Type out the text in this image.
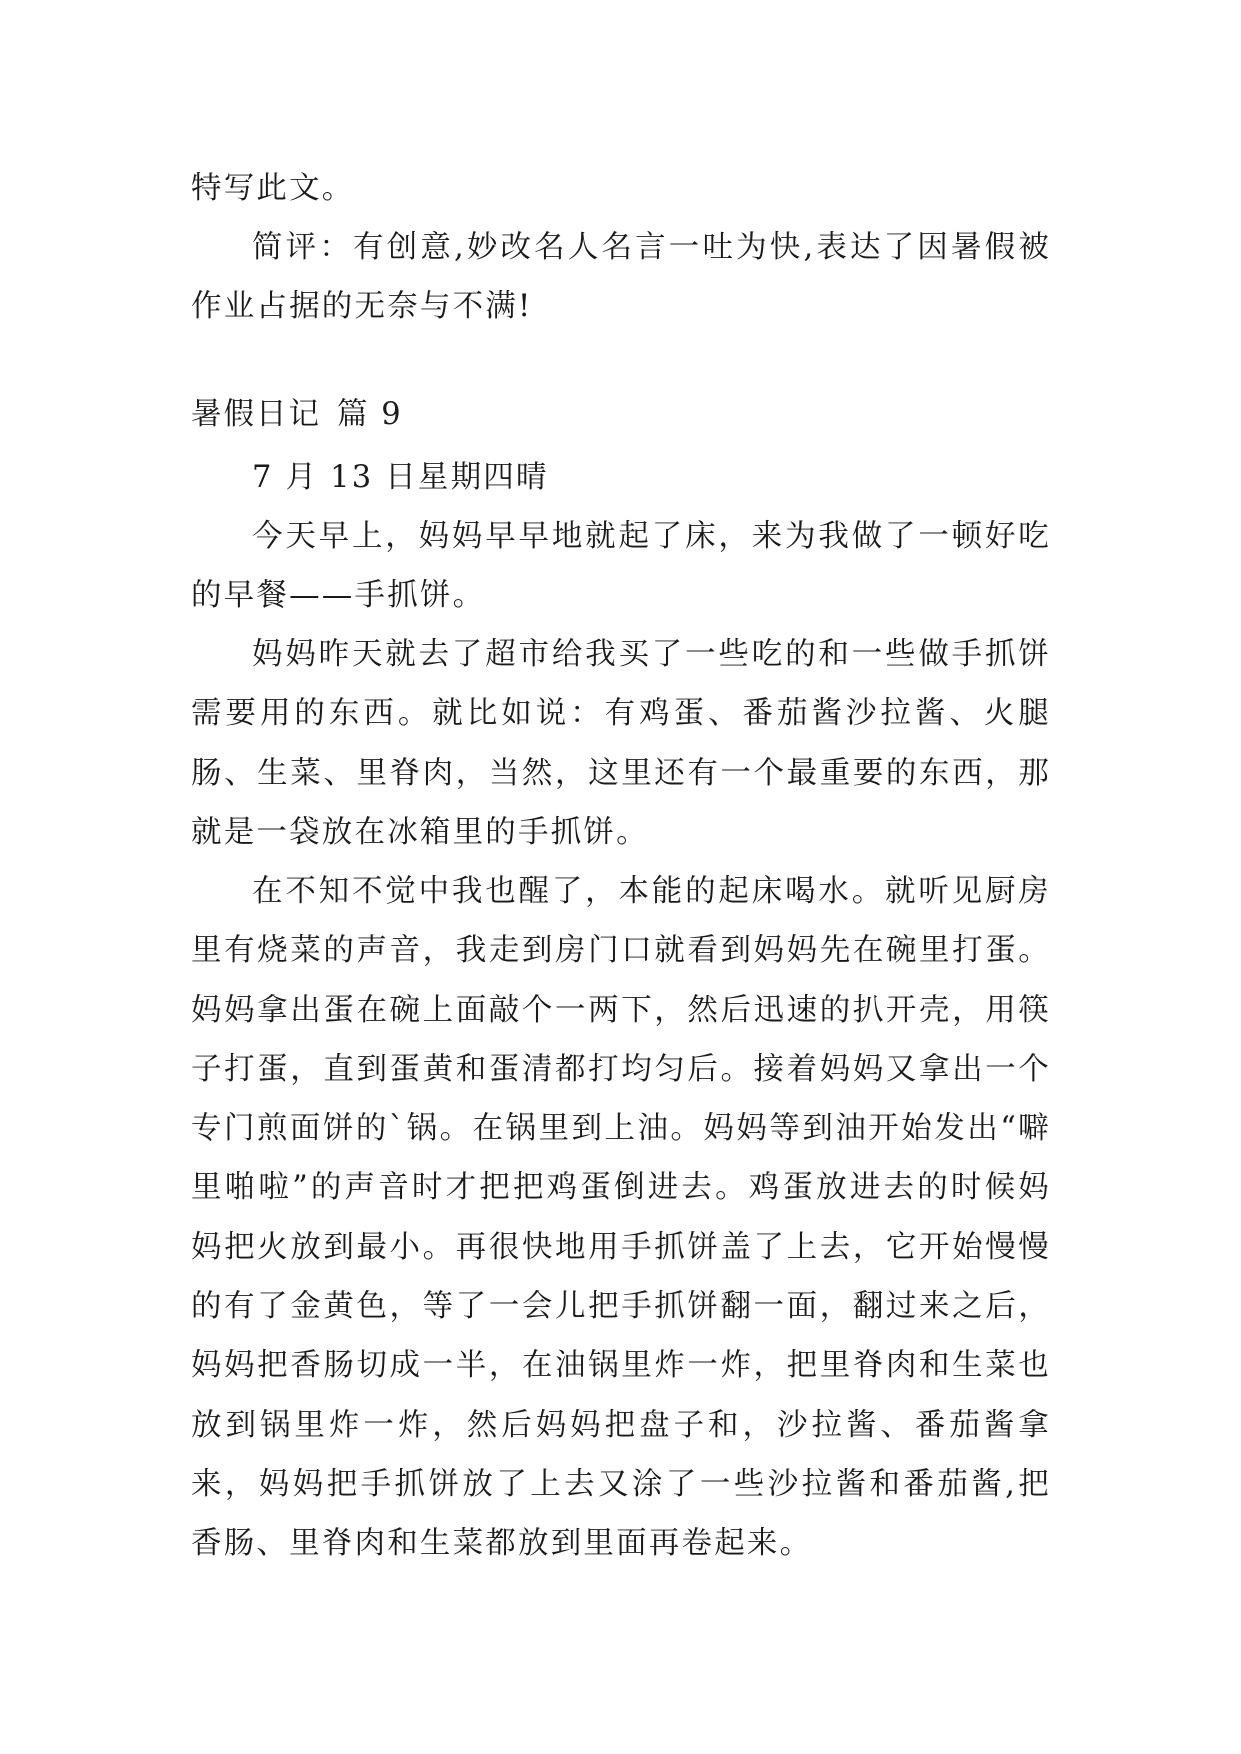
特写此文。

简评：有创意,妙改名人名言一吐为快,表达了因暑假被作业占据的无奈与不满!

暑假日记 篇 9

7 月 13 日星期四晴

今天早上，妈妈早早地就起了床，来为我做了一顿好吃的早餐——手抓饼。

妈妈昨天就去了超市给我买了一些吃的和一些做手抓饼需要用的东西。就比如说：有鸡蛋、番茄酱沙拉酱、火腿肠、生菜、里脊肉，当然，这里还有一个最重要的东西，那就是一袋放在冰箱里的手抓饼。

在不知不觉中我也醒了，本能的起床喝水。就听见厨房里有烧菜的声音，我走到房门口就看到妈妈先在碗里打蛋。妈妈拿出蛋在碗上面敲个一两下，然后迅速的扒开壳，用筷子打蛋，直到蛋黄和蛋清都打均匀后。接着妈妈又拿出一个专门煎面饼的`锅。在锅里到上油。妈妈等到油开始发出“噼里啪啦”的声音时才把把鸡蛋倒进去。鸡蛋放进去的时候妈妈把火放到最小。再很快地用手抓饼盖了上去，它开始慢慢的有了金黄色，等了一会儿把手抓饼翻一面，翻过来之后，妈妈把香肠切成一半，在油锅里炸一炸，把里脊肉和生菜也放到锅里炸一炸，然后妈妈把盘子和，沙拉酱、番茄酱拿来，妈妈把手抓饼放了上去又涂了一些沙拉酱和番茄酱,把香肠、里脊肉和生菜都放到里面再卷起来。
